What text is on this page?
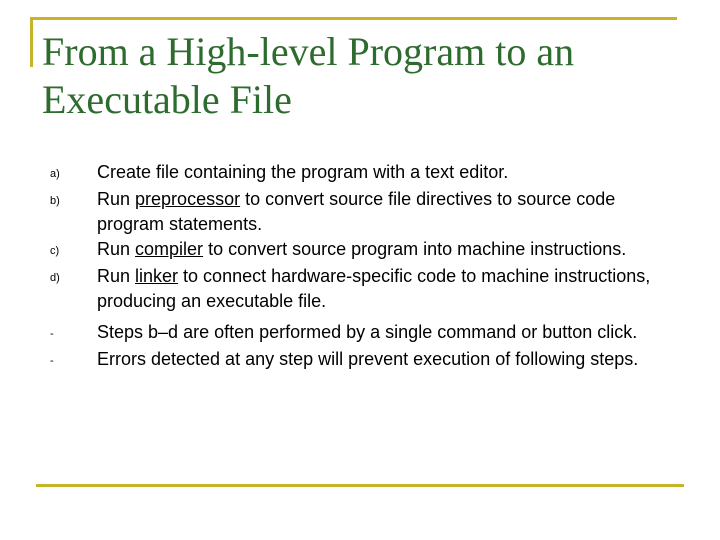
From a High-level Program to an Executable File
a)	Create file containing the program with a text editor.
b)	Run preprocessor to convert source file directives to source code program statements.
c)	Run compiler to convert source program into machine instructions.
d)	Run linker to connect hardware-specific code to machine instructions, producing an executable file.
-	Steps b–d are often performed by a single command or button click.
-	Errors detected at any step will prevent execution of following steps.
